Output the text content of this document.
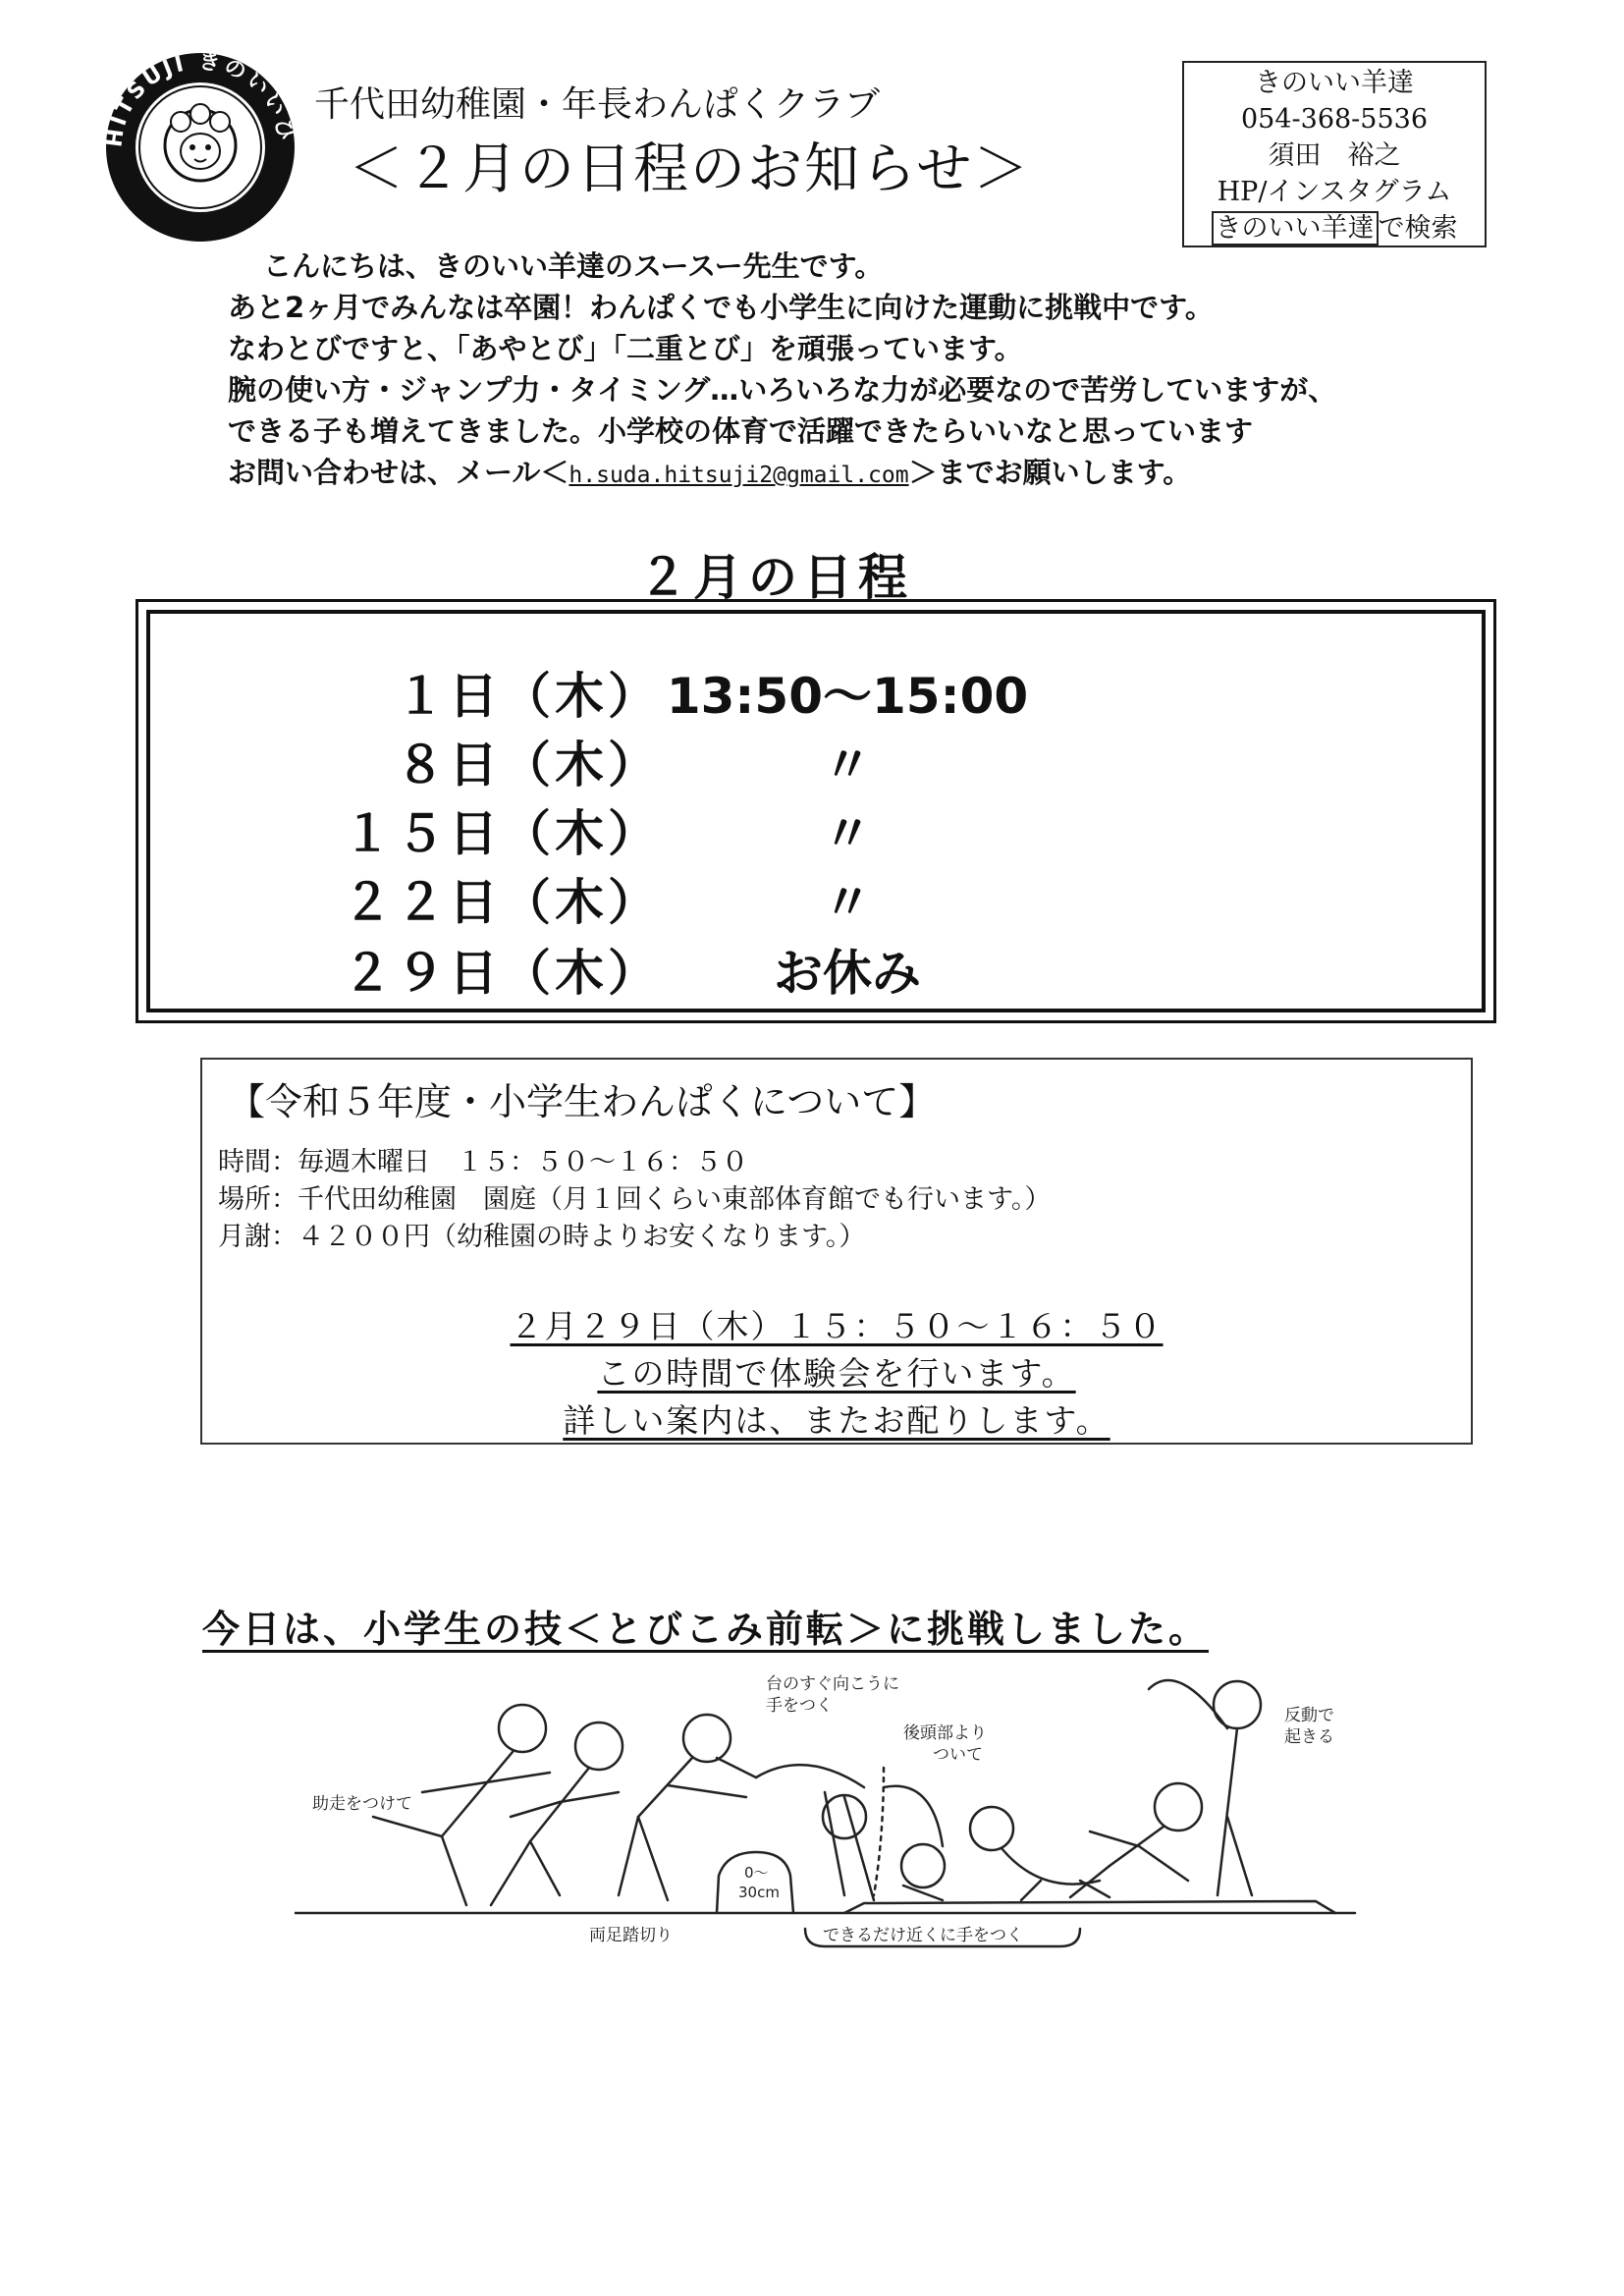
HITSUJI きのいいひ
千代田幼稚園・年長わんぱくクラブ
＜２月の日程のお知らせ＞
きのいい羊達
054-368-5536
須田　裕之
HP/インスタグラム
きのいい羊達 で検索
こんにちは、きのいい羊達のスースー先生です。
あと2ヶ月でみんなは卒園！わんぱくでも小学生に向けた運動に挑戦中です。
なわとびですと、「あやとび」「二重とび」を頑張っています。
腕の使い方・ジャンプ力・タイミング…いろいろな力が必要なので苦労していますが、
できる子も増えてきました。小学校の体育で活躍できたらいいなと思っています
お問い合わせは、メール＜h.suda.hitsuji2@gmail.com＞までお願いします。
２月の日程
１日（木） 13:50〜15:00
８日（木）	〃
１５日（木）	〃
２２日（木）	〃
２９日（木）	お休み
【令和５年度・小学生わんぱくについて】
時間：毎週木曜日　１５：５０〜１６：５０
場所：千代田幼稚園　園庭（月１回くらい東部体育館でも行います。）
月謝：４２００円（幼稚園の時よりお安くなります。）
２月２９日（木）１５：５０〜１６：５０
この時間で体験会を行います。
詳しい案内は、またお配りします。
今日は、小学生の技＜とびこみ前転＞に挑戦しました。
助走をつけて
台のすぐ向こうに
手をつく
後頭部より
ついて
反動で
起きる
両足踏切り
0〜
30cm
できるだけ近くに手をつく
